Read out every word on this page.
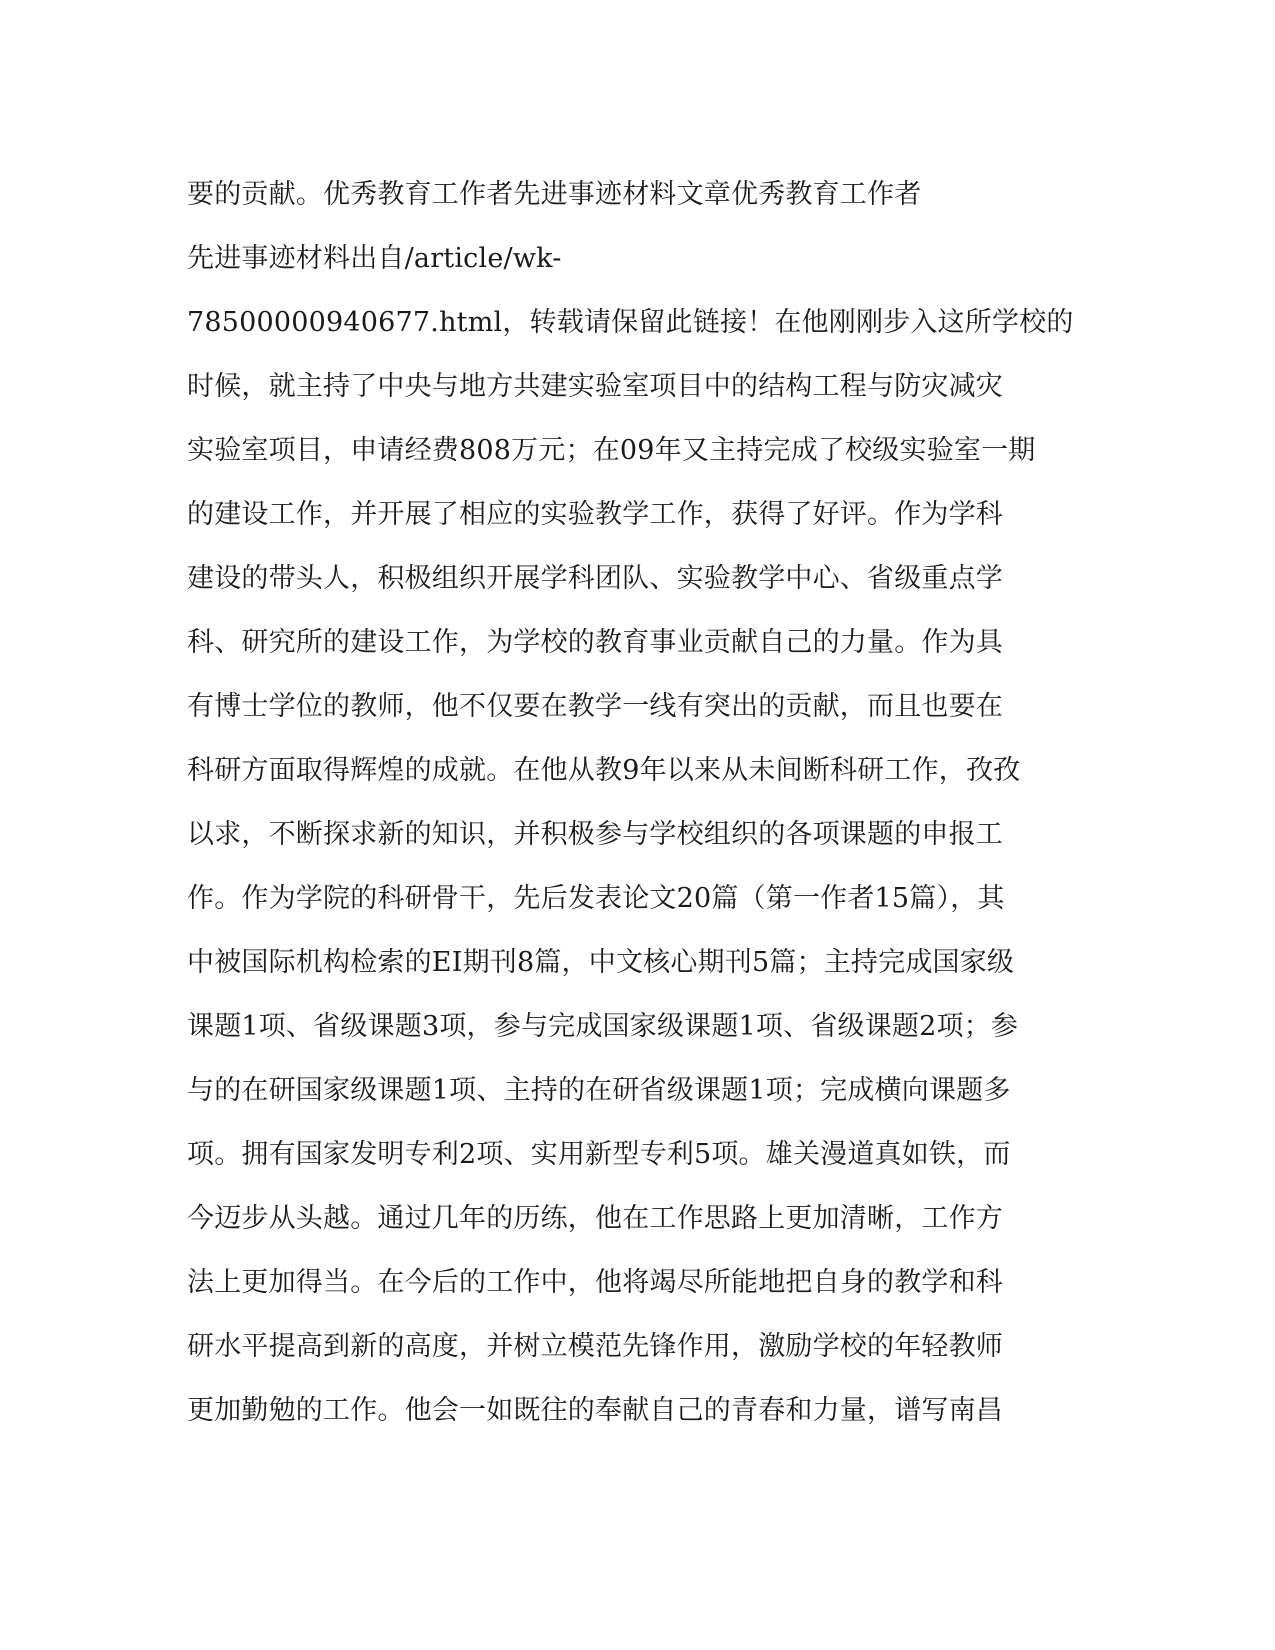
要的贡献。优秀教育工作者先进事迹材料文章优秀教育工作者
先进事迹材料出自/article/wk-
78500000940677.html，转载请保留此链接！在他刚刚步入这所学校的
时候，就主持了中央与地方共建实验室项目中的结构工程与防灾减灾
实验室项目，申请经费808万元；在09年又主持完成了校级实验室一期
的建设工作，并开展了相应的实验教学工作，获得了好评。作为学科
建设的带头人，积极组织开展学科团队、实验教学中心、省级重点学
科、研究所的建设工作，为学校的教育事业贡献自己的力量。作为具
有博士学位的教师，他不仅要在教学一线有突出的贡献，而且也要在
科研方面取得辉煌的成就。在他从教9年以来从未间断科研工作，孜孜
以求，不断探求新的知识，并积极参与学校组织的各项课题的申报工
作。作为学院的科研骨干，先后发表论文20篇（第一作者15篇），其
中被国际机构检索的EI期刊8篇，中文核心期刊5篇；主持完成国家级
课题1项、省级课题3项，参与完成国家级课题1项、省级课题2项；参
与的在研国家级课题1项、主持的在研省级课题1项；完成横向课题多
项。拥有国家发明专利2项、实用新型专利5项。雄关漫道真如铁，而
今迈步从头越。通过几年的历练，他在工作思路上更加清晰，工作方
法上更加得当。在今后的工作中，他将竭尽所能地把自身的教学和科
研水平提高到新的高度，并树立模范先锋作用，激励学校的年轻教师
更加勤勉的工作。他会一如既往的奉献自己的青春和力量，谱写南昌
